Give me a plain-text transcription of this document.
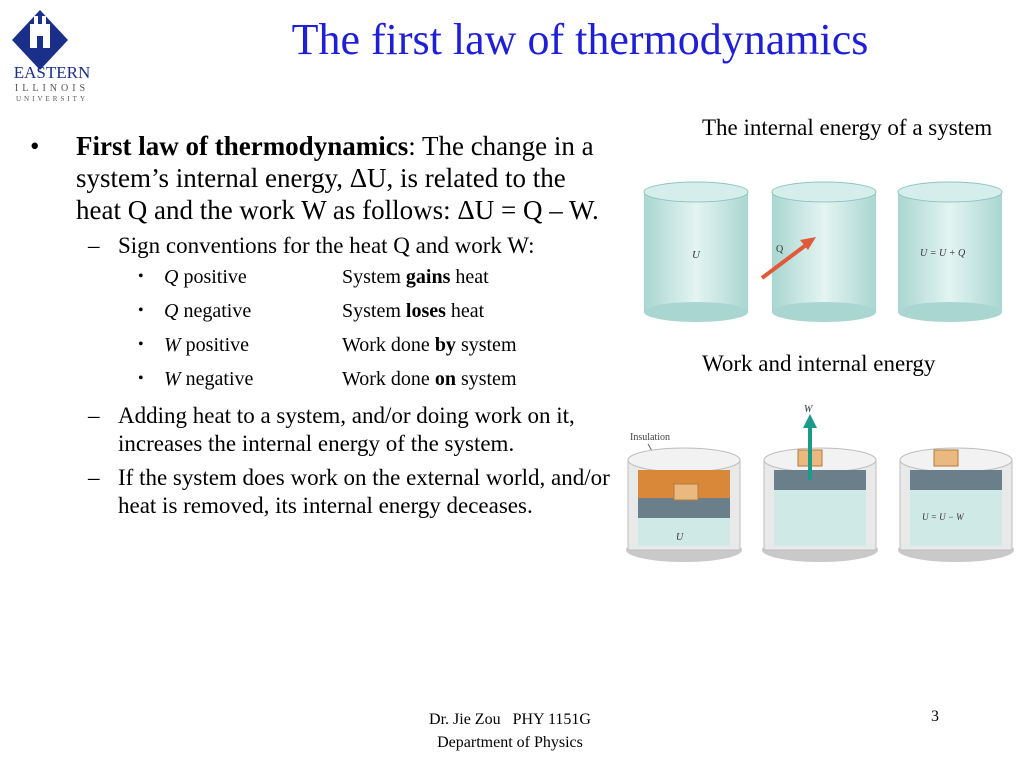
EASTERN
ILLINOIS
UNIVERSITY
The first law of thermodynamics
• First law of thermodynamics: The change in a system’s internal energy, ΔU, is related to the heat Q and the work W as follows: ΔU = Q – W.
– Sign conventions for the heat Q and work W:
• Q positive	System gains heat
• Q negative	System loses heat
• W positive	Work done by system
• W negative	Work done on system
– Adding heat to a system, and/or doing work on it, increases the internal energy of the system.
– If the system does work on the external world, and/or heat is removed, its internal energy deceases.
The internal energy of a system
Work and internal energy
U	Q	U = U + Q
Insulation
U
W
U = U − W
Dr. Jie Zou   PHY 1151G
Department of Physics
3
